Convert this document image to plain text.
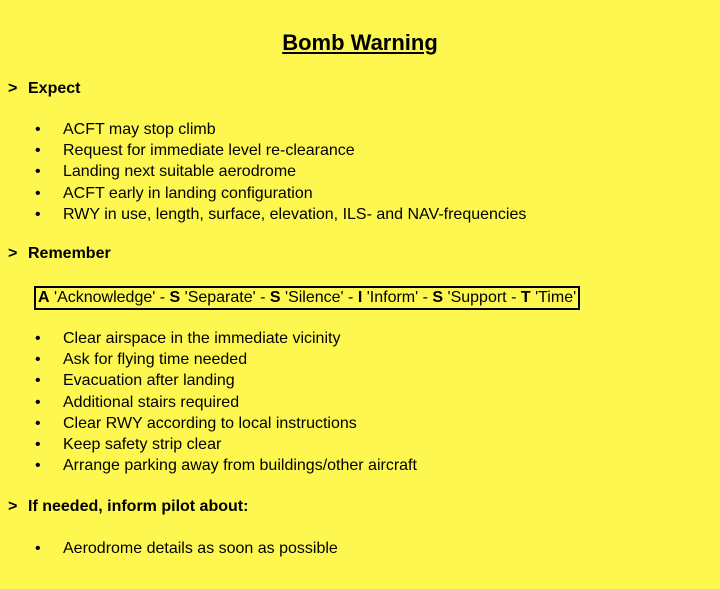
Bomb Warning
> Expect
• ACFT may stop climb
• Request for immediate level re-clearance
• Landing next suitable aerodrome
• ACFT early in landing configuration
• RWY in use, length, surface, elevation, ILS- and NAV-frequencies
> Remember
A 'Acknowledge' - S 'Separate' - S 'Silence' - I 'Inform' - S 'Support - T 'Time'
• Clear airspace in the immediate vicinity
• Ask for flying time needed
• Evacuation after landing
• Additional stairs required
• Clear RWY according to local instructions
• Keep safety strip clear
• Arrange parking away from buildings/other aircraft
> If needed, inform pilot about:
• Aerodrome details as soon as possible
